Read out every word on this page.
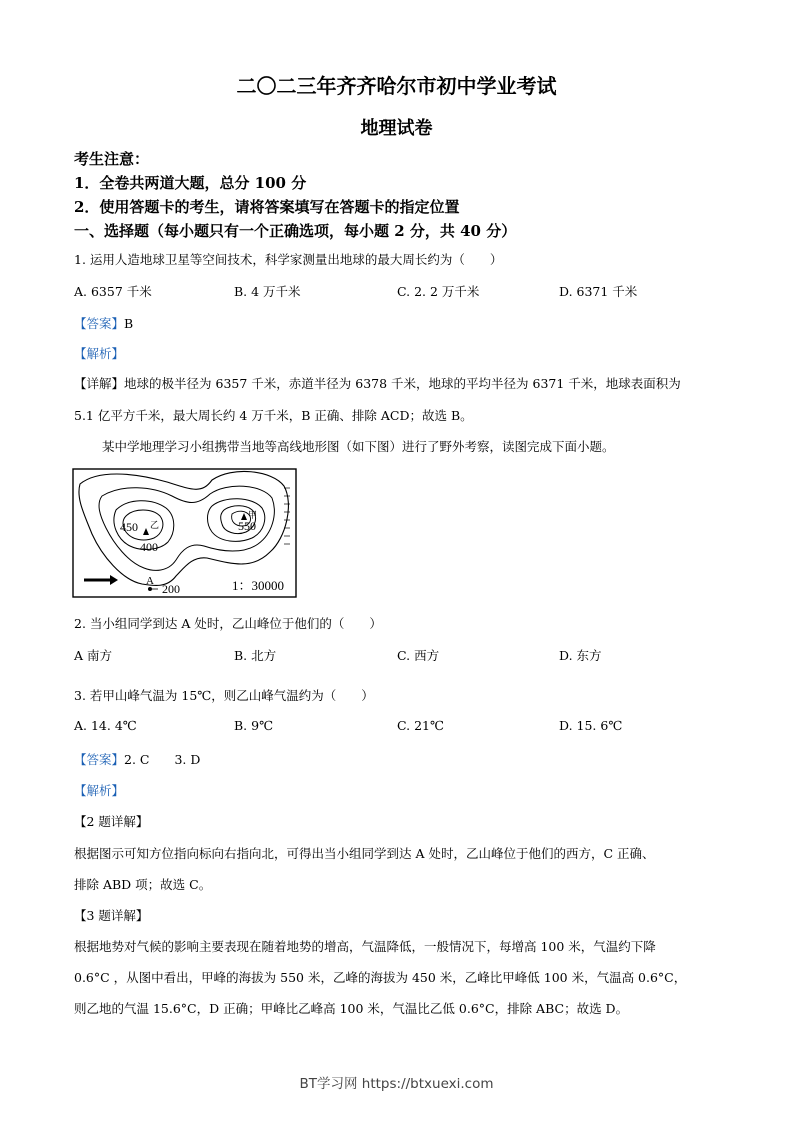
二〇二三年齐齐哈尔市初中学业考试
地理试卷
考生注意：
1．全卷共两道大题，总分 100 分
2．使用答题卡的考生，请将答案填写在答题卡的指定位置
一、选择题（每小题只有一个正确选项，每小题 2 分，共 40 分）
1. 运用人造地球卫星等空间技术，科学家测量出地球的最大周长约为（　　）
A. 6357 千米	B. 4 万千米	C. 2. 2 万千米	D. 6371 千米
【答案】B
【解析】
【详解】地球的极半径为 6357 千米，赤道半径为 6378 千米，地球的平均半径为 6371 千米，地球表面积为
5.1 亿平方千米，最大周长约 4 万千米，B 正确、排除 ACD；故选 B。
某中学地理学习小组携带当地等高线地形图（如下图）进行了野外考察，读图完成下面小题。
450 乙
甲
550
400
200
A	1：30000
2. 当小组同学到达 A 处时，乙山峰位于他们的（　　）
A 南方	B. 北方	C. 西方	D. 东方
3. 若甲山峰气温为 15℃，则乙山峰气温约为（　　）
A. 14. 4℃	B. 9℃	C. 21℃	D. 15. 6℃
【答案】2. C　　3. D
【解析】
【2 题详解】
根据图示可知方位指向标向右指向北，可得出当小组同学到达 A 处时，乙山峰位于他们的西方，C 正确、
排除 ABD 项；故选 C。
【3 题详解】
根据地势对气候的影响主要表现在随着地势的增高，气温降低，一般情况下，每增高 100 米，气温约下降
0.6°C ，从图中看出，甲峰的海拔为 550 米，乙峰的海拔为 450 米，乙峰比甲峰低 100 米，气温高 0.6°C，
则乙地的气温 15.6°C，D 正确；甲峰比乙峰高 100 米，气温比乙低 0.6°C，排除 ABC；故选 D。
BT学习网 https://btxuexi.com
